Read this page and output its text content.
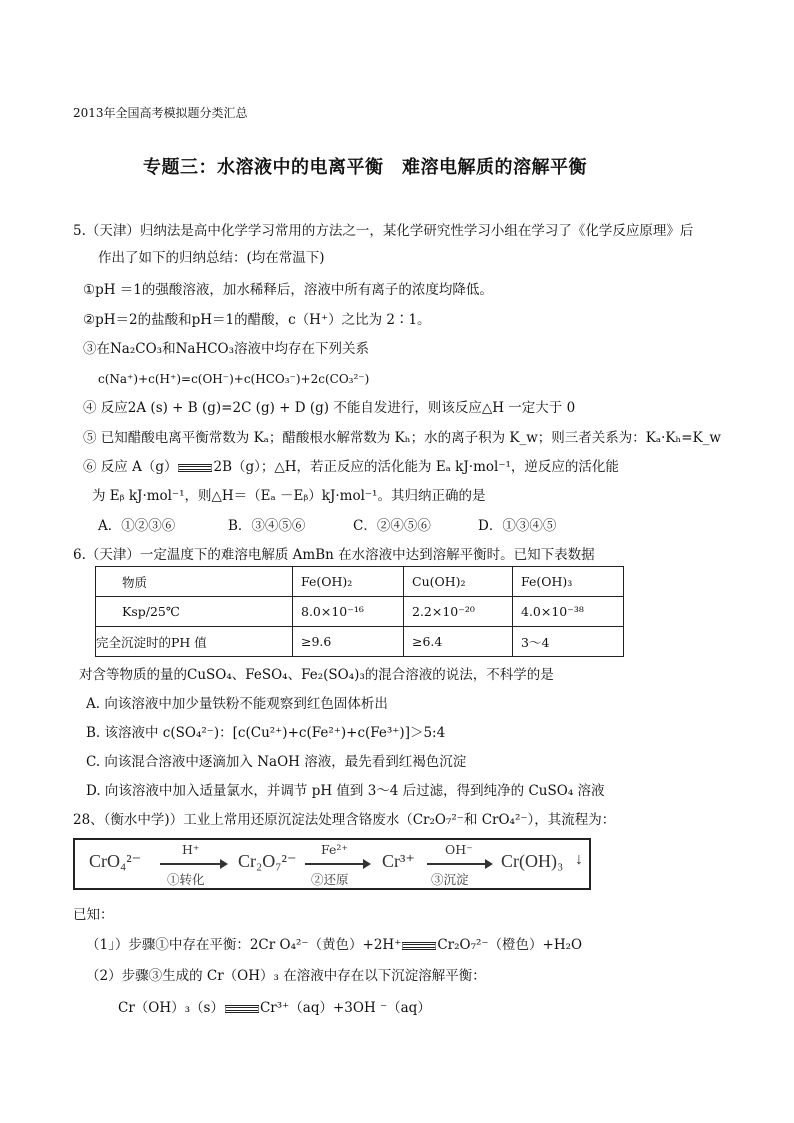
2013年全国高考模拟题分类汇总
专题三：水溶液中的电离平衡　难溶电解质的溶解平衡
5.（天津）归纳法是高中化学学习常用的方法之一，某化学研究性学习小组在学习了《化学反应原理》后
作出了如下的归纳总结：(均在常温下)
①pH ＝1的强酸溶液，加水稀释后，溶液中所有离子的浓度均降低。
②pH＝2的盐酸和pH＝1的醋酸，c（H⁺）之比为 2∶1。
③在Na₂CO₃和NaHCO₃溶液中均存在下列关系
c(Na⁺)+c(H⁺)=c(OH⁻)+c(HCO₃⁻)+2c(CO₃²⁻)
④ 反应2A (s) + B (g)=2C (g) + D (g) 不能自发进行，则该反应△H 一定大于 0
⑤ 已知醋酸电离平衡常数为 Kₐ；醋酸根水解常数为 Kₕ；水的离子积为 K_w；则三者关系为：Kₐ·Kₕ=K_w
⑥ 反应 A（g）	2B（g）；△H，若正反应的活化能为 Eₐ kJ·mol⁻¹，逆反应的活化能
为 Eᵦ kJ·mol⁻¹，则△H＝（Eₐ －Eᵦ）kJ·mol⁻¹。其归纳正确的是
A．①②③⑥	B．③④⑤⑥	C．②④⑤⑥	D．①③④⑤
6.（天津）一定温度下的难溶电解质 AmBn 在水溶液中达到溶解平衡时。已知下表数据
物质	Fe(OH)₂	Cu(OH)₂	Fe(OH)₃
Ksp/25℃	8.0×10⁻¹⁶	2.2×10⁻²⁰	4.0×10⁻³⁸
完全沉淀时的PH 值	≥9.6	≥6.4	3～4
对含等物质的量的CuSO₄、FeSO₄、Fe₂(SO₄)₃的混合溶液的说法，不科学的是
A. 向该溶液中加少量铁粉不能观察到红色固体析出
B. 该溶液中 c(SO₄²⁻)：[c(Cu²⁺)+c(Fe²⁺)+c(Fe³⁺)]＞5:4
C. 向该混合溶液中逐滴加入 NaOH 溶液，最先看到红褐色沉淀
D. 向该溶液中加入适量氯水，并调节 pH 值到 3～4 后过滤，得到纯净的 CuSO₄ 溶液
28、（衡水中学)）工业上常用还原沉淀法处理含铬废水（Cr₂O₇²⁻和 CrO₄²⁻），其流程为：
CrO₄²⁻
H⁺
①转化
Cr₂O₇²⁻
Fe²⁺
②还原
Cr³⁺
OH⁻
③沉淀
Cr(OH)₃ ↓
已知：
（1」）步骤①中存在平衡：2Cr O₄²⁻（黄色）+2H⁺	Cr₂O₇²⁻（橙色）+H₂O
（2）步骤③生成的 Cr（OH）₃ 在溶液中存在以下沉淀溶解平衡：
Cr（OH）₃（s）	Cr³⁺（aq）+3OH ⁻（aq）
